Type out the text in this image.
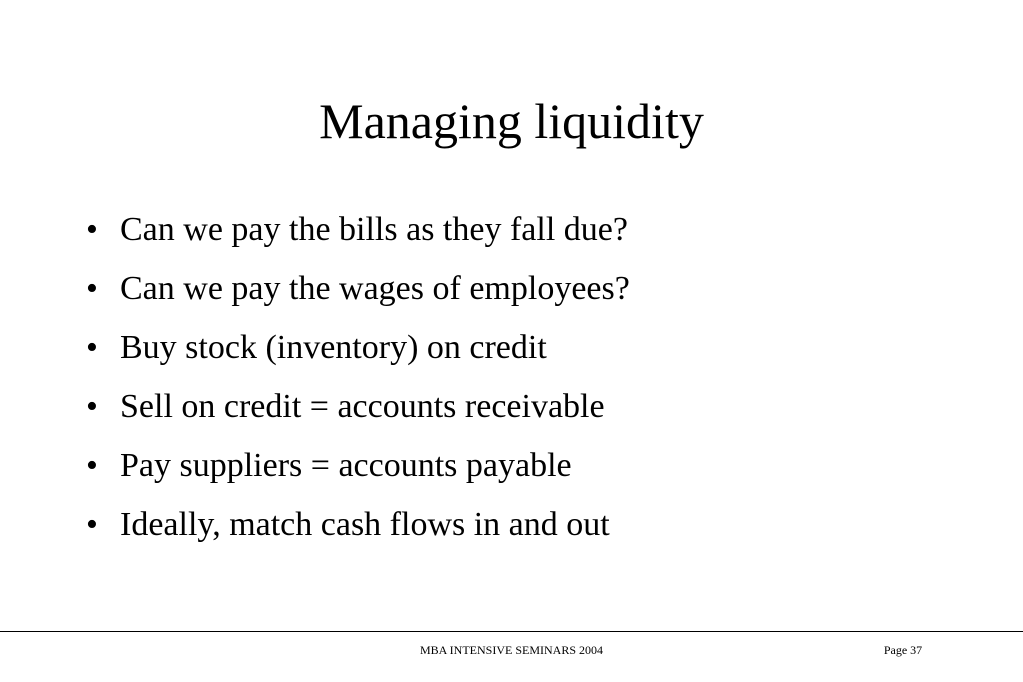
Managing liquidity
• Can we pay the bills as they fall due?
• Can we pay the wages of employees?
• Buy stock (inventory) on credit
• Sell on credit = accounts receivable
• Pay suppliers = accounts payable
• Ideally, match cash flows in and out
MBA INTENSIVE SEMINARS 2004	Page 37
